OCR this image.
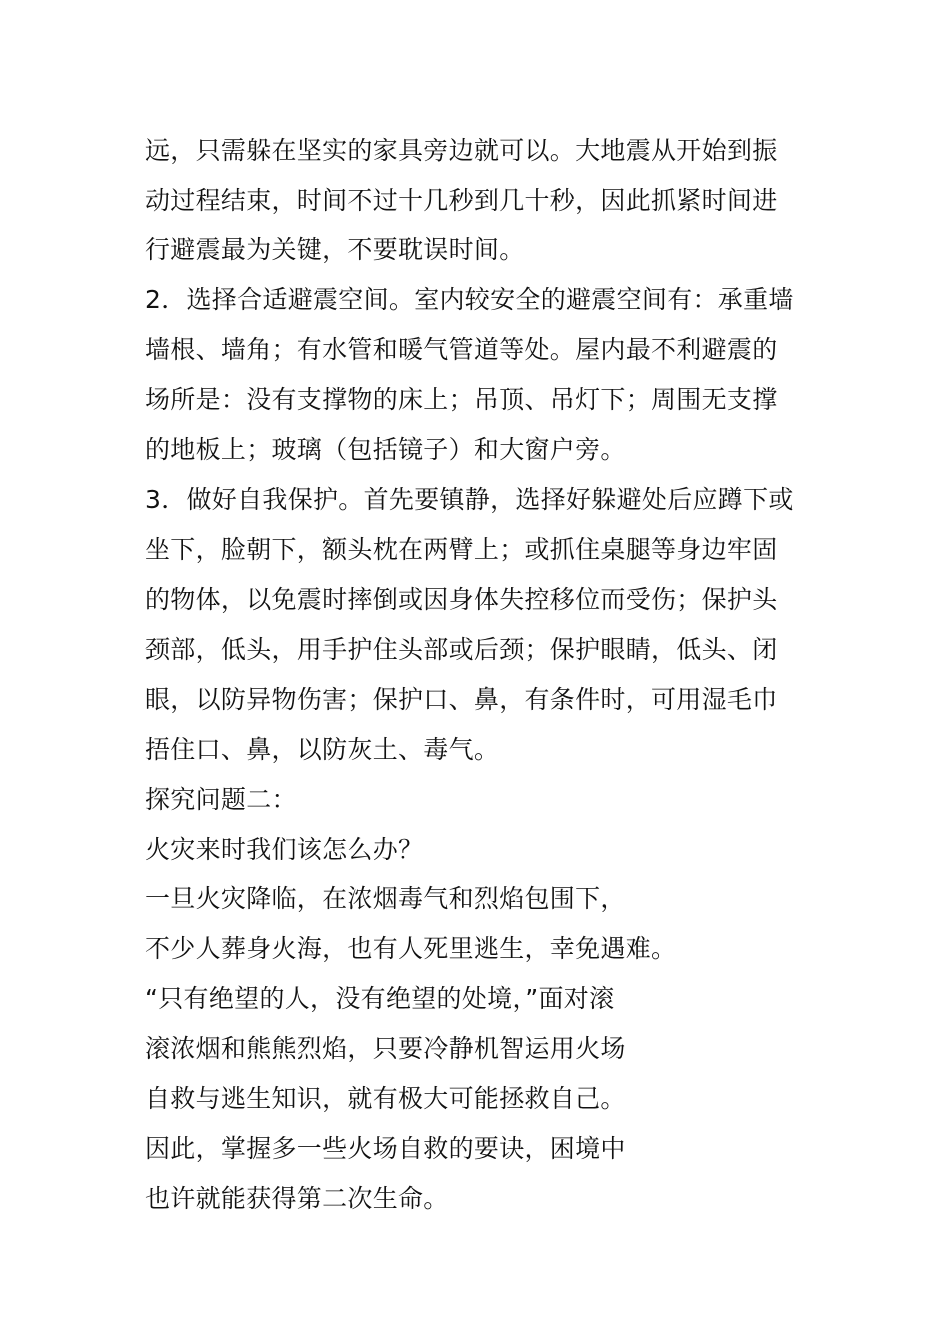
远，只需躲在坚实的家具旁边就可以。大地震从开始到振

动过程结束，时间不过十几秒到几十秒，因此抓紧时间进

行避震最为关键，不要耽误时间。

2．选择合适避震空间。室内较安全的避震空间有：承重墙

墙根、墙角；有水管和暖气管道等处。屋内最不利避震的

场所是：没有支撑物的床上；吊顶、吊灯下；周围无支撑

的地板上；玻璃（包括镜子）和大窗户旁。

3．做好自我保护。首先要镇静，选择好躲避处后应蹲下或

坐下，脸朝下，额头枕在两臂上；或抓住桌腿等身边牢固

的物体，以免震时摔倒或因身体失控移位而受伤；保护头

颈部，低头，用手护住头部或后颈；保护眼睛，低头、闭

眼，以防异物伤害；保护口、鼻，有条件时，可用湿毛巾

捂住口、鼻，以防灰土、毒气。

探究问题二：

火灾来时我们该怎么办？

一旦火灾降临，在浓烟毒气和烈焰包围下，

不少人葬身火海，也有人死里逃生，幸免遇难。

“只有绝望的人，没有绝望的处境，”面对滚

滚浓烟和熊熊烈焰，只要冷静机智运用火场

自救与逃生知识，就有极大可能拯救自己。

因此，掌握多一些火场自救的要诀，困境中

也许就能获得第二次生命。
